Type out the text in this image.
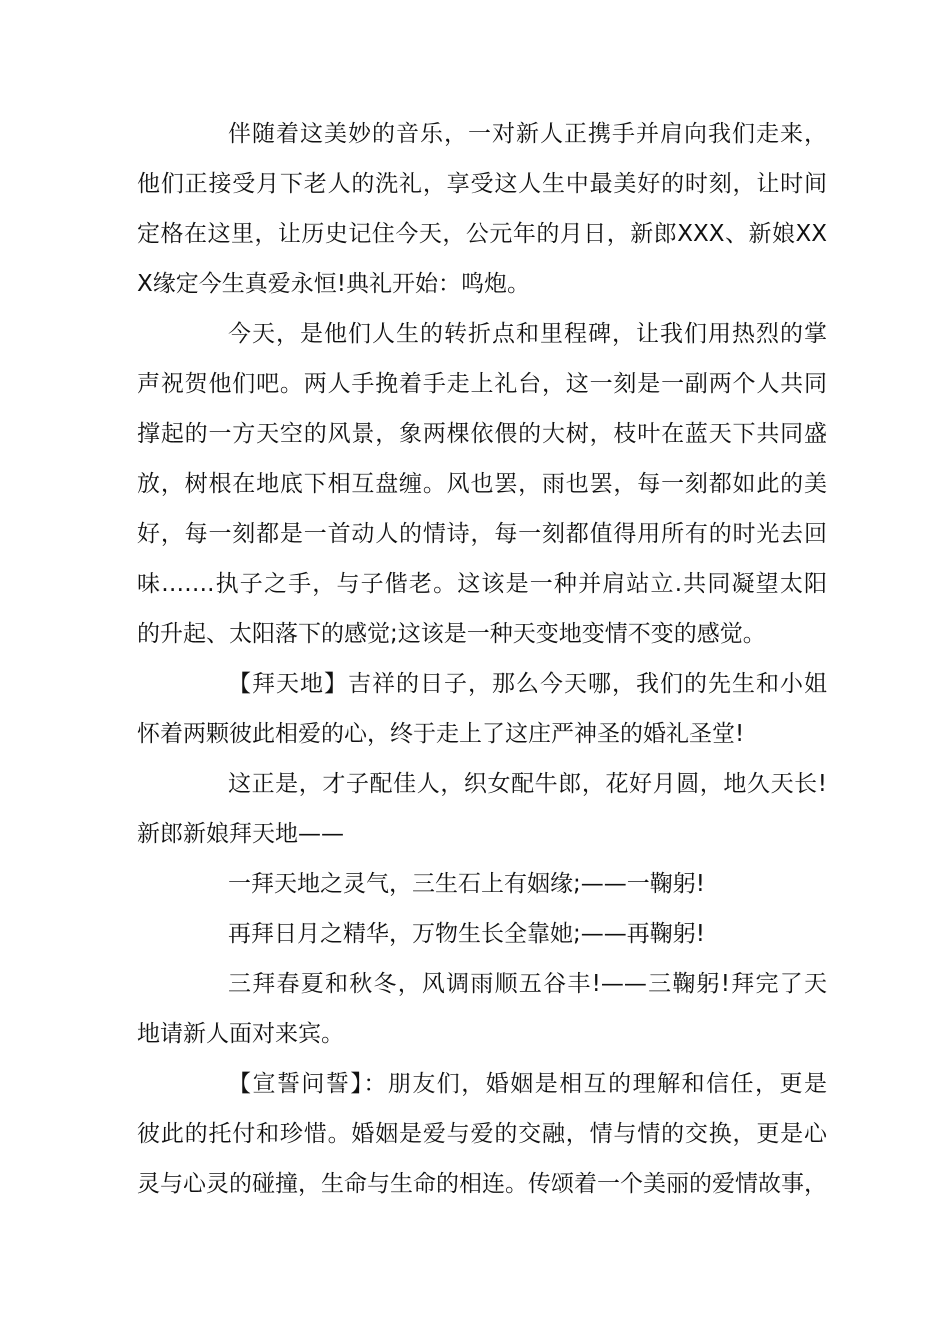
伴随着这美妙的音乐，一对新人正携手并肩向我们走来，
他们正接受月下老人的洗礼，享受这人生中最美好的时刻，让时间
定格在这里，让历史记住今天，公元年的月日，新郎XXX、新娘XX
X缘定今生真爱永恒!典礼开始：鸣炮。
今天，是他们人生的转折点和里程碑，让我们用热烈的掌
声祝贺他们吧。两人手挽着手走上礼台，这一刻是一副两个人共同
撑起的一方天空的风景，象两棵依偎的大树，枝叶在蓝天下共同盛
放，树根在地底下相互盘缠。风也罢，雨也罢，每一刻都如此的美
好，每一刻都是一首动人的情诗，每一刻都值得用所有的时光去回
味…….执子之手，与子偕老。这该是一种并肩站立.共同凝望太阳
的升起、太阳落下的感觉;这该是一种天变地变情不变的感觉。
【拜天地】吉祥的日子，那么今天哪，我们的先生和小姐
怀着两颗彼此相爱的心，终于走上了这庄严神圣的婚礼圣堂!
这正是，才子配佳人，织女配牛郎，花好月圆，地久天长!
新郎新娘拜天地——
一拜天地之灵气，三生石上有姻缘;——一鞠躬!
再拜日月之精华，万物生长全靠她;——再鞠躬!
三拜春夏和秋冬，风调雨顺五谷丰!——三鞠躬!拜完了天
地请新人面对来宾。
【宣誓问誓】：朋友们，婚姻是相互的理解和信任，更是
彼此的托付和珍惜。婚姻是爱与爱的交融，情与情的交换，更是心
灵与心灵的碰撞，生命与生命的相连。传颂着一个美丽的爱情故事，
